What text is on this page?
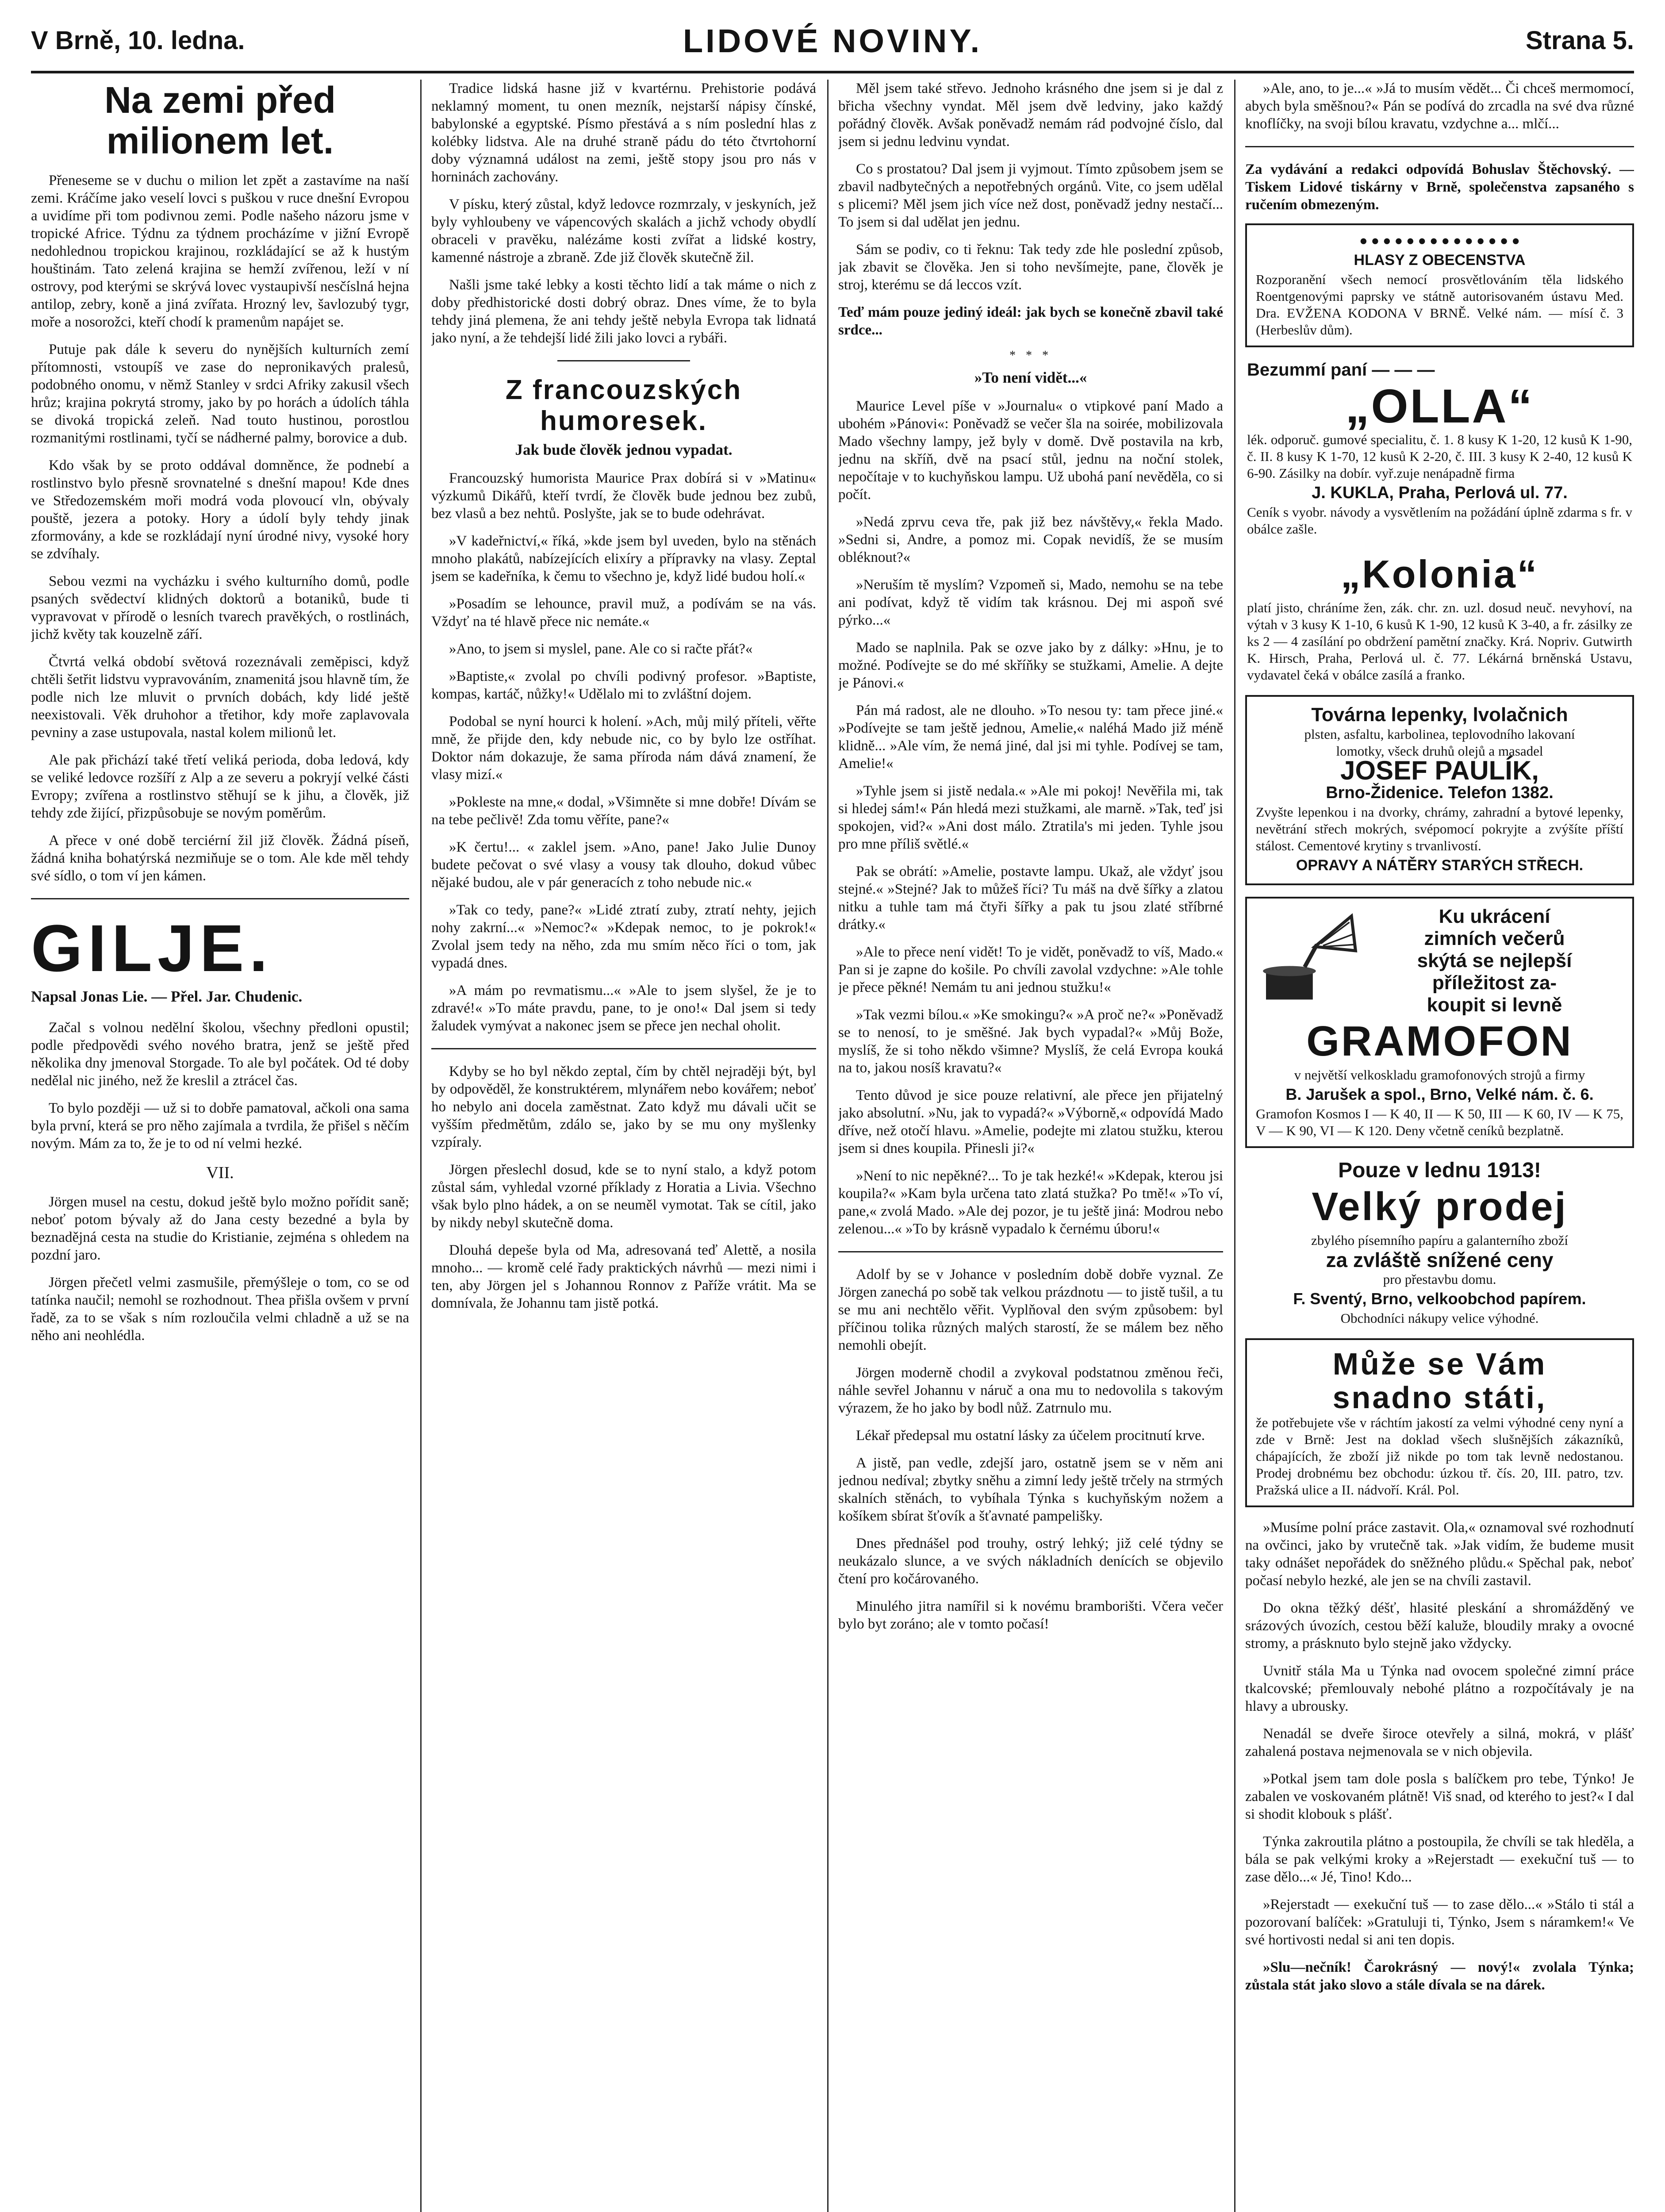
V Brně, 10. ledna.	LIDOVÉ NOVINY.	Strana 5.
Na zemi před milionem let.

Přeneseme se v duchu o milion let zpět a zastavíme na naší zemi. Kráčíme jako veselí lovci s puškou v ruce dnešní Evropou a uvidíme při tom podivnou zemi. Podle našeho názoru jsme v tropické Africe. Týdnu za týdnem procházíme v jižní Evropě nedohlednou tropickou krajinou, rozkládající se až k hustým houštinám. Tato zelená krajina se hemží zvířenou, leží v ní ostrovy, pod kterými se skrývá lovec vystaupivší nesčíslná hejna antilop, zebry, koně a jiná zvířata. Hrozný lev, šavlozubý tygr, moře a nosorožci, kteří chodí k pramenům napájet se.

Putuje pak dále k severu do nynějších kulturních zemí přítomnosti, vstoupíš ve zase do nepronikavých pralesů, podobného onomu, v němž Stanley v srdci Afriky zakusil všech hrůz; krajina pokrytá stromy, jako by po horách a údolích táhla se divoká tropická zeleň. Nad touto hustinou, porostlou rozmanitými rostlinami, tyčí se nádherné palmy, borovice a dub.

Kdo však by se proto oddával domněnce, že podnebí a rostlinstvo bylo přesně srovnatelné s dnešní mapou! Kde dnes ve Středozemském moři modrá voda plovoucí vln, obývaly pouště, jezera a potoky. Hory a údolí byly tehdy jinak zformovány, a kde se rozkládají nyní úrodné nivy, vysoké hory se zdvíhaly.

Sebou vezmi na vycházku i svého kulturního domů, podle psaných svědectví klidných doktorů a botaniků, bude ti vypravovat v přírodě o lesních tvarech pravěkých, o rostlinách, jichž květy tak kouzelně září.

Čtvrtá velká období světová rozeznávali zeměpisci, když chtěli šetřit lidstvu vypravováním, znamenitá jsou hlavně tím, že podle nich lze mluvit o prvních dobách, kdy lidé ještě neexistovali. Věk druhohor a třetihor, kdy moře zaplavovala pevniny a zase ustupovala, nastal kolem milionů let.

Ale pak přichází také třetí veliká perioda, doba ledová, kdy se veliké ledovce rozšíří z Alp a ze severu a pokryjí velké části Evropy; zvířena a rostlinstvo stěhují se k jihu, a člověk, již tehdy zde žijící, přizpůsobuje se novým poměrům.

A přece v oné době terciérní žil již člověk. Žádná píseň, žádná kniha bohatýrská nezmiňuje se o tom. Ale kde měl tehdy své sídlo, o tom ví jen kámen.

GILJE.
Napsal Jonas Lie. — Přel. Jar. Chudenic.

Začal s volnou nedělní školou, všechny předloni opustil; podle předpovědi svého nového bratra, jenž se ještě před několika dny jmenoval Storgade. To ale byl počátek. Od té doby nedělal nic jiného, než že kreslil a ztrácel čas.

To bylo později — už si to dobře pamatoval, ačkoli ona sama byla první, která se pro něho zajímala a tvrdila, že přišel s něčím novým. Mám za to, že je to od ní velmi hezké.

VII.

Jörgen musel na cestu, dokud ještě bylo možno pořídit saně; neboť potom bývaly až do Jana cesty bezedné a byla by beznadějná cesta na studie do Kristianie, zejména s ohledem na pozdní jaro.

Jörgen přečetl velmi zasmušile, přemýšleje o tom, co se od tatínka naučil; nemohl se rozhodnout. Thea přišla ovšem v první řadě, za to se však s ním rozloučila velmi chladně a už se na něho ani neohlédla.

Tradice lidská hasne již v kvartérnu. Prehistorie podává neklamný moment, tu onen mezník, nejstarší nápisy čínské, babylonské a egyptské. Písmo přestává a s ním poslední hlas z kolébky lidstva. Ale na druhé straně pádu do této čtvrtohorní doby významná událost na zemi, ještě stopy jsou pro nás v horninách zachovány.

V písku, který zůstal, když ledovce rozmrzaly, v jeskyních, jež byly vyhloubeny ve vápencových skalách a jichž vchody obydlí obraceli v pravěku, nalézáme kosti zvířat a lidské kostry, kamenné nástroje a zbraně. Zde již člověk skutečně žil.

Našli jsme také lebky a kosti těchto lidí a tak máme o nich z doby předhistorické dosti dobrý obraz. Dnes víme, že to byla tehdy jiná plemena, že ani tehdy ještě nebyla Evropa tak lidnatá jako nyní, a že tehdejší lidé žili jako lovci a rybáři.

Z francouzských humoresek.
Jak bude člověk jednou vypadat.

Francouzský humorista Maurice Prax dobírá si v »Matinu« výzkumů Dikářů, kteří tvrdí, že člověk bude jednou bez zubů, bez vlasů a bez nehtů. Poslyšte, jak se to bude odehrávat.

»V kadeřnictví,« říká, »kde jsem byl uveden, bylo na stěnách mnoho plakátů, nabízejících elixíry a přípravky na vlasy. Zeptal jsem se kadeřníka, k čemu to všechno je, když lidé budou holí.«

»Posadím se lehounce, pravil muž, a podívám se na vás. Vždyť na té hlavě přece nic nemáte.«

»Ano, to jsem si myslel, pane. Ale co si račte přát?«

»Baptiste,« zvolal po chvíli podivný profesor. »Baptiste, kompas, kartáč, nůžky!« Udělalo mi to zvláštní dojem.

Podobal se nyní hourci k holení. »Ach, můj milý příteli, věřte mně, že přijde den, kdy nebude nic, co by bylo lze ostříhat. Doktor nám dokazuje, že sama příroda nám dává znamení, že vlasy mizí.«

»Pokleste na mne,« dodal, »Všimněte si mne dobře! Dívám se na tebe pečlivě! Zda tomu věříte, pane?«

»K čertu!... « zaklel jsem. »Ano, pane! Jako Julie Dunoy budete pečovat o své vlasy a vousy tak dlouho, dokud vůbec nějaké budou, ale v pár generacích z toho nebude nic.«

»Tak co tedy, pane?« »Lidé ztratí zuby, ztratí nehty, jejich nohy zakrní...« »Nemoc?« »Kdepak nemoc, to je pokrok!« Zvolal jsem tedy na něho, zda mu smím něco říci o tom, jak vypadá dnes.

»A mám po revmatismu...« »Ale to jsem slyšel, že je to zdravé!« »To máte pravdu, pane, to je ono!« Dal jsem si tedy žaludek vymývat a nakonec jsem se přece jen nechal oholit.

Kdyby se ho byl někdo zeptal, čím by chtěl nejraději být, byl by odpověděl, že konstruktérem, mlynářem nebo kovářem; neboť ho nebylo ani docela zaměstnat. Zato když mu dávali učit se vyšším předmětům, zdálo se, jako by se mu ony myšlenky vzpíraly.

Jörgen přeslechl dosud, kde se to nyní stalo, a když potom zůstal sám, vyhledal vzorné příklady z Horatia a Livia. Všechno však bylo plno hádek, a on se neuměl vymotat. Tak se cítil, jako by nikdy nebyl skutečně doma.

Dlouhá depeše byla od Ma, adresovaná teď Alettě, a nosila mnoho... — kromě celé řady praktických návrhů — mezi nimi i ten, aby Jörgen jel s Johannou Ronnov z Paříže vrátit. Ma se domnívala, že Johannu tam jistě potká.

Měl jsem také střevo. Jednoho krásného dne jsem si je dal z břicha všechny vyndat. Měl jsem dvě ledviny, jako každý pořádný člověk. Avšak poněvadž nemám rád podvojné číslo, dal jsem si jednu ledvinu vyndat.

Co s prostatou? Dal jsem ji vyjmout. Tímto způsobem jsem se zbavil nadbytečných a nepotřebných orgánů. Vite, co jsem udělal s plicemi? Měl jsem jich více než dost, poněvadž jedny nestačí... To jsem si dal udělat jen jednu.

Sám se podiv, co ti řeknu: Tak tedy zde hle poslední způsob, jak zbavit se člověka. Jen si toho nevšímejte, pane, člověk je stroj, kterému se dá leccos vzít.

Teď mám pouze jediný ideál: jak bych se konečně zbavil také srdce...

* * *
»To není vidět...«

Maurice Level píše v »Journalu« o vtipkové paní Mado a ubohém »Pánovi«: Poněvadž se večer šla na soirée, mobilizovala Mado všechny lampy, jež byly v domě. Dvě postavila na krb, jednu na skříň, dvě na psací stůl, jednu na noční stolek, nepočítaje v to kuchyňskou lampu. Už ubohá paní nevěděla, co si počít.

»Nedá zprvu ceva tře, pak již bez návštěvy,« řekla Mado. »Sedni si, Andre, a pomoz mi. Copak nevidíš, že se musím obléknout?«

»Neruším tě myslím? Vzpomeň si, Mado, nemohu se na tebe ani podívat, když tě vidím tak krásnou. Dej mi aspoň své pýrko...«

Mado se naplnila. Pak se ozve jako by z dálky: »Hnu, je to možné. Podívejte se do mé skříňky se stužkami, Amelie. A dejte je Pánovi.«

Pán má radost, ale ne dlouho. »To nesou ty: tam přece jiné.« »Podívejte se tam ještě jednou, Amelie,« naléhá Mado již méně klidně... »Ale vím, že nemá jiné, dal jsi mi tyhle. Podívej se tam, Amelie!«

»Tyhle jsem si jistě nedala.« »Ale mi pokoj! Nevěřila mi, tak si hledej sám!« Pán hledá mezi stužkami, ale marně. »Tak, teď jsi spokojen, vid?« »Ani dost málo. Ztratila's mi jeden. Tyhle jsou pro mne příliš světlé.«

Pak se obrátí: »Amelie, postavte lampu. Ukaž, ale vždyť jsou stejné.« »Stejné? Jak to můžeš říci? Tu máš na dvě šířky a zlatou nitku a tuhle tam má čtyři šířky a pak tu jsou zlaté stříbrné drátky.«

»Ale to přece není vidět! To je vidět, poněvadž to víš, Mado.« Pan si je zapne do košile. Po chvíli zavolal vzdychne: »Ale tohle je přece pěkné! Nemám tu ani jednou stužku!«

»Tak vezmi bílou.« »Ke smokingu?« »A proč ne?« »Poněvadž se to nenosí, to je směšné. Jak bych vypadal?« »Můj Bože, myslíš, že si toho někdo všimne? Myslíš, že celá Evropa kouká na to, jakou nosíš kravatu?«

Tento důvod je sice pouze relativní, ale přece jen přijatelný jako absolutní. »Nu, jak to vypadá?« »Výborně,« odpovídá Mado dříve, než otočí hlavu. »Amelie, podejte mi zlatou stužku, kterou jsem si dnes koupila. Přinesli ji?«

»Není to nic nepěkné?... To je tak hezké!« »Kdepak, kterou jsi koupila?« »Kam byla určena tato zlatá stužka? Po tmě!« »To ví, pane,« zvolá Mado. »Ale dej pozor, je tu ještě jiná: Modrou nebo zelenou...« »To by krásně vypadalo k černému úboru!«

Adolf by se v Johance v posledním době dobře vyznal. Ze Jörgen zanechá po sobě tak velkou prázdnotu — to jistě tušil, a tu se mu ani nechtělo věřit. Vyplňoval den svým způsobem: byl příčinou tolika různých malých starostí, že se málem bez něho nemohli obejít.

Jörgen moderně chodil a zvykoval podstatnou změnou řeči, náhle sevřel Johannu v náruč a ona mu to nedovolila s takovým výrazem, že ho jako by bodl nůž. Zatrnulo mu.

Lékař předepsal mu ostatní lásky za účelem procitnutí krve.

A jistě, pan vedle, zdejší jaro, ostatně jsem se v něm ani jednou nedíval; zbytky sněhu a zimní ledy ještě trčely na strmých skalních stěnách, to vybíhala Týnka s kuchyňským nožem a košíkem sbírat šťovík a šťavnaté pampelišky.

Dnes přednášel pod trouhy, ostrý lehký; již celé týdny se neukázalo slunce, a ve svých nákladních denících se objevilo čtení pro kočárovaného.

Minulého jitra namířil si k novému bramborišti. Včera večer bylo byt zoráno; ale v tomto počasí!

»Ale, ano, to je...« »Já to musím vědět... Či chceš mermomocí, abych byla směšnou?« Pán se podívá do zrcadla na své dva různé knoflíčky, na svoji bílou kravatu, vzdychne a... mlčí...

Za vydávání a redakci odpovídá Bohuslav Štěchovský. — Tiskem Lidové tiskárny v Brně, společenstva zapsaného s ručením obmezeným.

● ● ● ● ● ● ● ● ● ● ● ● ● ●
HLASY Z OBECENSTVA
Rozporanění všech nemocí prosvětlováním těla lidského Roentgenovými paprsky ve státně autorisovaném ústavu Med. Dra. EVŽENA KODONA V BRNĚ. Velké nám. — mísí č. 3 (Herbeslův dům).
Bezummí paní — — —
„OLLA“
lék. odporuč. gumové specialitu, č. 1. 8 kusy K 1-20, 12 kusů K 1-90, č. II. 8 kusy K 1-70, 12 kusů K 2-20, č. III. 3 kusy K 2-40, 12 kusů K 6-90. Zásilky na dobír. vyř.zuje nenápadně firma
J. KUKLA, Praha, Perlová ul. 77.
Ceník s vyobr. návody a vysvětlením na požádání úplně zdarma s fr. v obálce zašle.
„Kolonia“
platí jisto, chráníme žen, zák. chr. zn. uzl. dosud neuč. nevyhoví, na výtah v 3 kusy K 1-10, 6 kusů K 1-90, 12 kusů K 3-40, a fr. zásilky ze ks 2 — 4 zasílání po obdržení pamětní značky. Krá. Nopriv. Gutwirth K. Hirsch, Praha, Perlová ul. č. 77. Lékárná brněnská Ustavu, vydavatel čeká v obálce zasílá a franko.
Továrna lepenky, lvolačnich
plsten, asfaltu, karbolinea, teplovodního lakovaní
lomotky, všeck druhů olejů a masadel
JOSEF PAULÍK,
Brno-Židenice. Telefon 1382.
Zvyšte lepenkou i na dvorky, chrámy, zahradní a bytové lepenky, nevětrání střech mokrých, svépomocí pokryjte a zvýšíte příští stálost. Cementové krytiny s trvanlivostí.
OPRAVY A NÁTĚRY STARÝCH STŘECH.
Ku ukrácení
zimních večerů
skýtá se nejlepší
příležitost za-
koupit si levně
GRAMOFON
v největší velkoskladu gramofonových strojů a firmy
B. Jarušek a spol., Brno, Velké nám. č. 6.
Gramofon Kosmos I — K 40, II — K 50, III — K 60, IV — K 75, V — K 90, VI — K 120. Deny včetně ceníků bezplatně.
Pouze v lednu 1913!
Velký prodej
zbylého písemního papíru a galanterního zboží
za zvláště snížené ceny
pro přestavbu domu.
F. Sventý, Brno, velkoobchod papírem.
Obchodníci nákupy velice výhodné.
Může se Vám
snadno státi,
že potřebujete vše v ráchtím jakostí za velmi výhodné ceny nyní a zde v Brně: Jest na doklad všech slušnějších zákazníků, chápajících, že zboží již nikde po tom tak levně nedostanou. Prodej drobnému bez obchodu: úzkou tř. čís. 20, III. patro, tzv. Pražská ulice a II. nádvoří. Král. Pol.

»Musíme polní práce zastavit. Ola,« oznamoval své rozhodnutí na ovčinci, jako by vrutečně tak. »Jak vidím, že budeme musit taky odnášet nepořádek do sněžného plůdu.« Spěchal pak, neboť počasí nebylo hezké, ale jen se na chvíli zastavil.

Do okna těžký déšť, hlasité pleskání a shromážděný ve srázových úvozích, cestou běží kaluže, bloudily mraky a ovocné stromy, a prásknuto bylo stejně jako vždycky.

Uvnitř stála Ma u Týnka nad ovocem společné zimní práce tkalcovské; přemlouvaly nebohé plátno a rozpočítávaly je na hlavy a ubrousky.

Nenadál se dveře široce otevřely a silná, mokrá, v plášť zahalená postava nejmenovala se v nich objevila.

»Potkal jsem tam dole posla s balíčkem pro tebe, Týnko! Je zabalen ve voskovaném plátně! Viš snad, od kterého to jest?« I dal si shodit klobouk s plášť.

Týnka zakroutila plátno a postoupila, že chvíli se tak hleděla, a bála se pak velkými kroky a »Rejerstadt — exekuční tuš — to zase dělo...« Jé, Tino! Kdo...

»Rejerstadt — exekuční tuš — to zase dělo...« »Stálo ti stál a pozorovaní balíček: »Gratuluji ti, Týnko, Jsem s náramkem!« Ve své hortivosti nedal si ani ten dopis.

»Slu—nečník! Čarokrásný — nový!« zvolala Týnka; zůstala stát jako slovo a stále dívala se na dárek.
